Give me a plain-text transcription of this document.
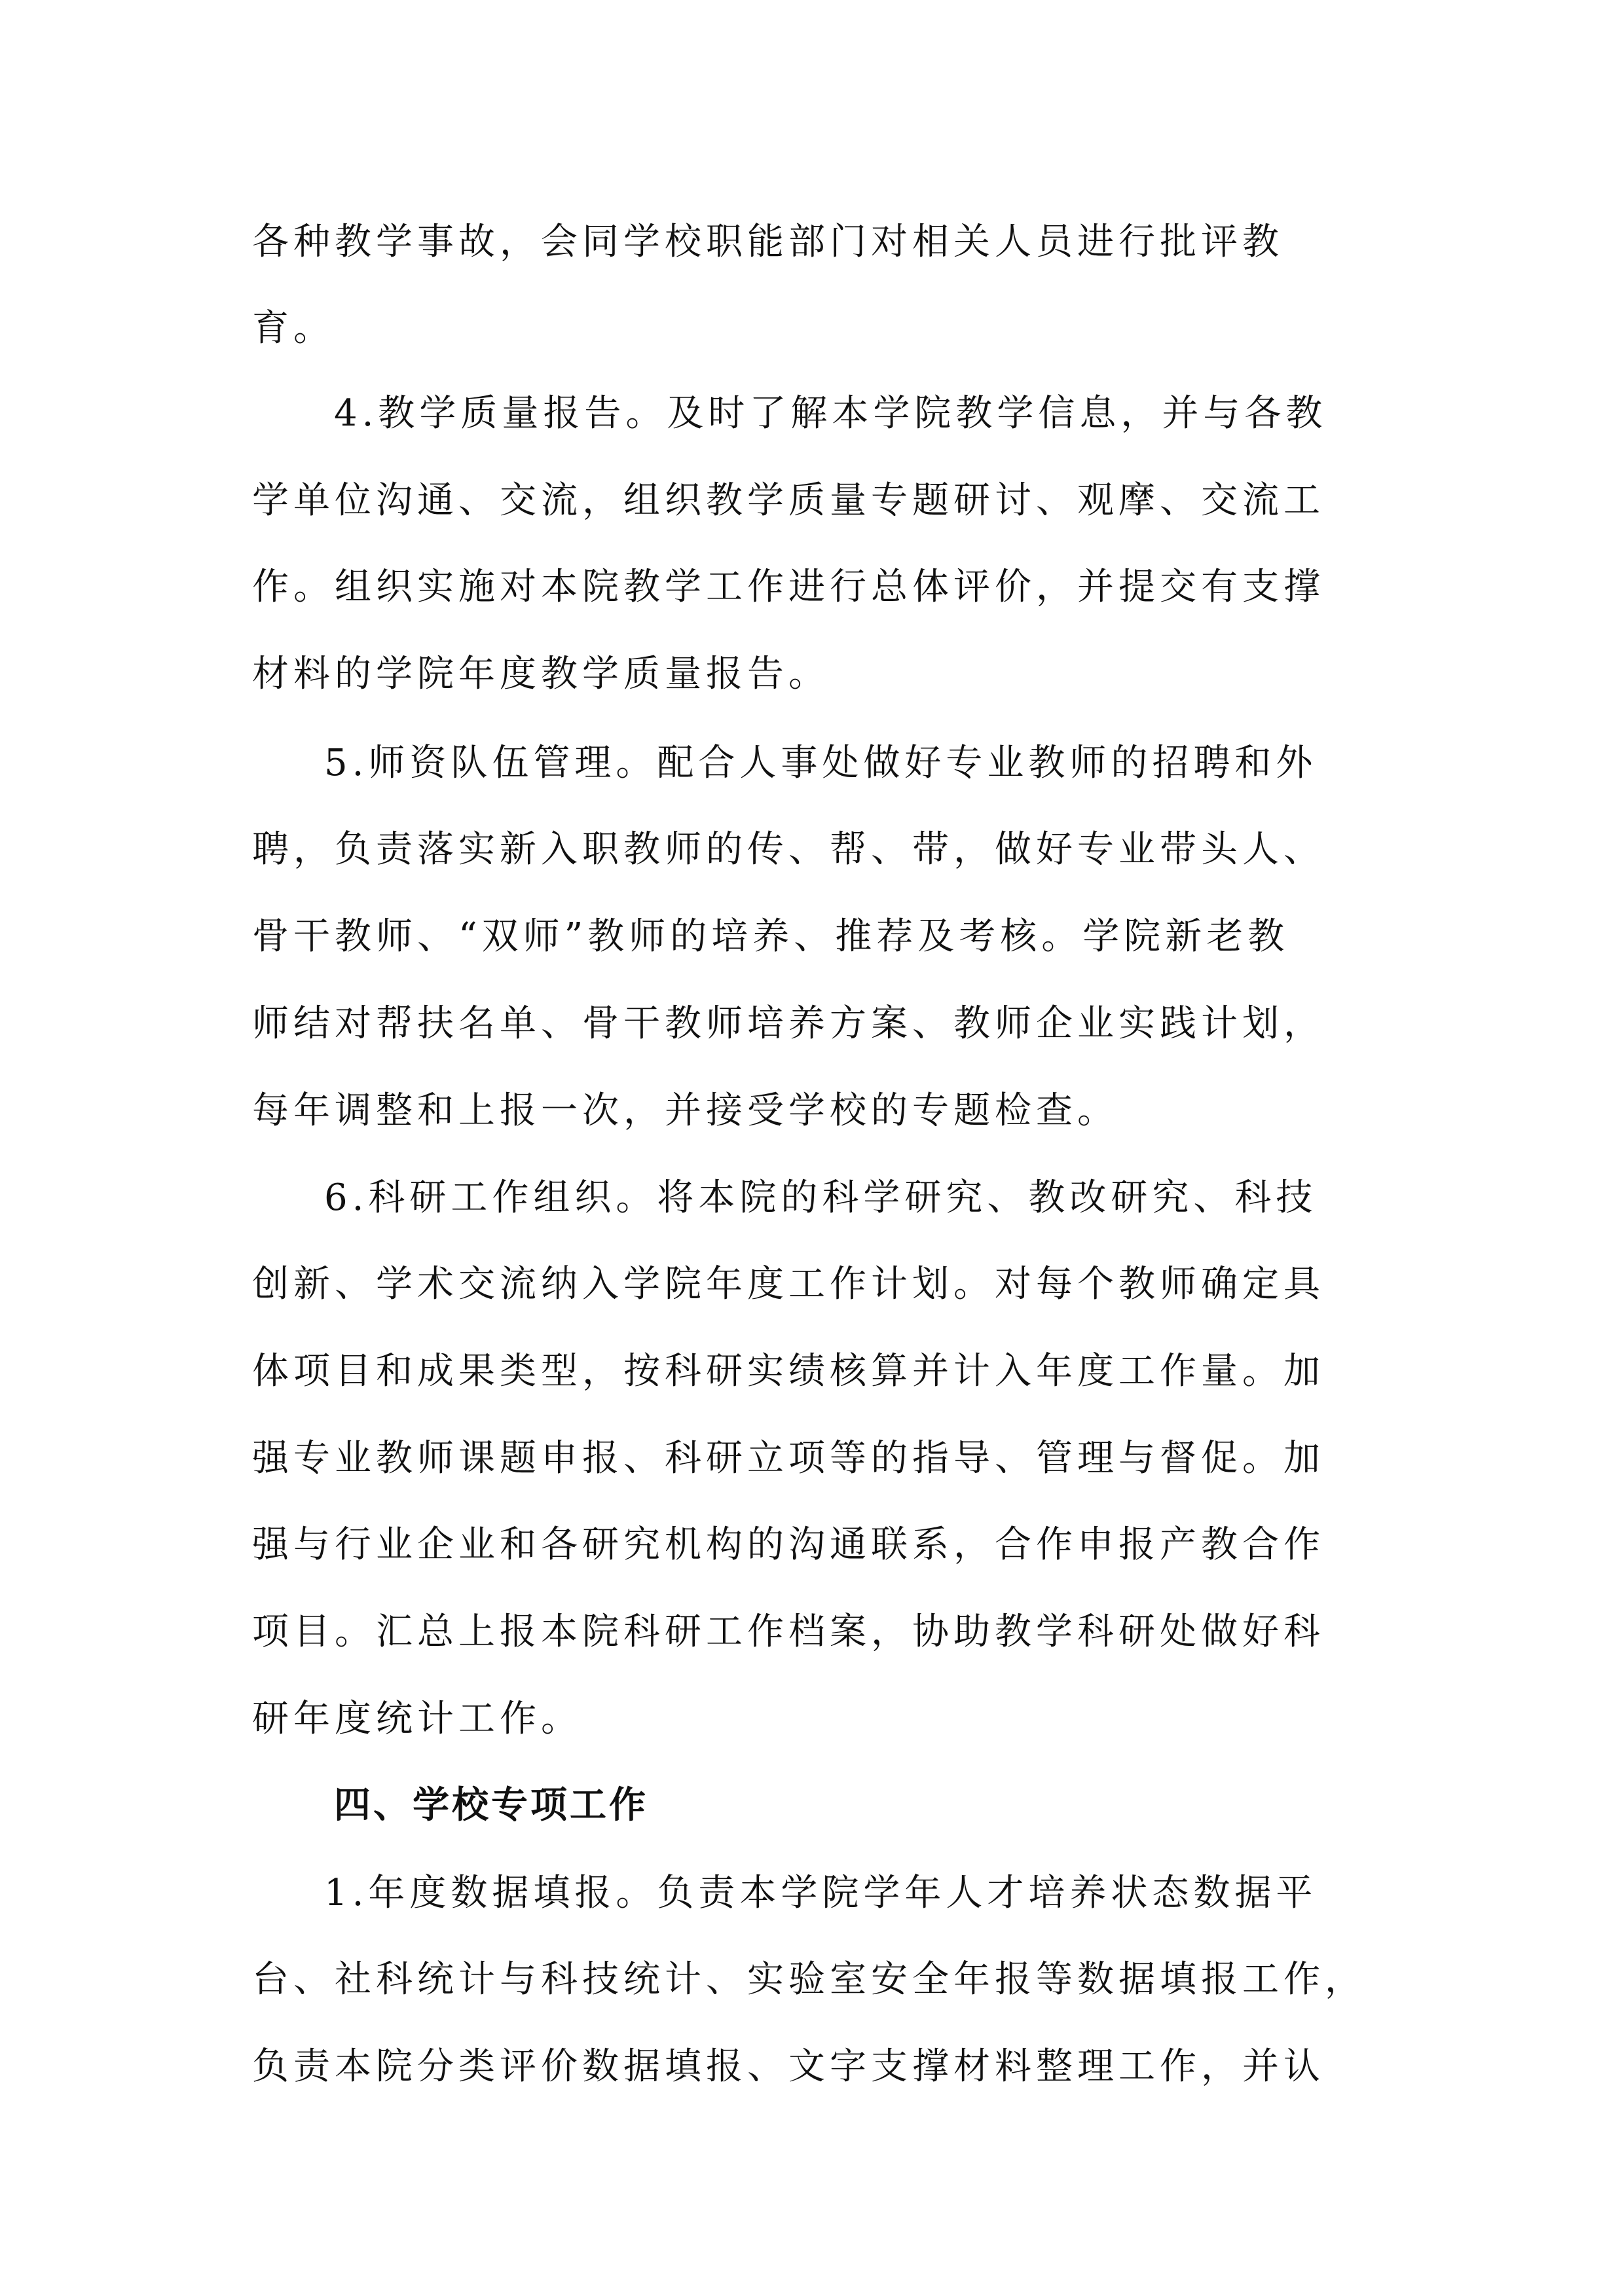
各种教学事故，会同学校职能部门对相关人员进行批评教
育。
4.教学质量报告。及时了解本学院教学信息，并与各教
学单位沟通、交流，组织教学质量专题研讨、观摩、交流工
作。组织实施对本院教学工作进行总体评价，并提交有支撑
材料的学院年度教学质量报告。
5.师资队伍管理。配合人事处做好专业教师的招聘和外
聘，负责落实新入职教师的传、帮、带，做好专业带头人、
骨干教师、“双师”教师的培养、推荐及考核。学院新老教
师结对帮扶名单、骨干教师培养方案、教师企业实践计划，
每年调整和上报一次，并接受学校的专题检查。
6.科研工作组织。将本院的科学研究、教改研究、科技
创新、学术交流纳入学院年度工作计划。对每个教师确定具
体项目和成果类型，按科研实绩核算并计入年度工作量。加
强专业教师课题申报、科研立项等的指导、管理与督促。加
强与行业企业和各研究机构的沟通联系，合作申报产教合作
项目。汇总上报本院科研工作档案，协助教学科研处做好科
研年度统计工作。
四、学校专项工作
1.年度数据填报。负责本学院学年人才培养状态数据平
台、社科统计与科技统计、实验室安全年报等数据填报工作，
负责本院分类评价数据填报、文字支撑材料整理工作，并认
